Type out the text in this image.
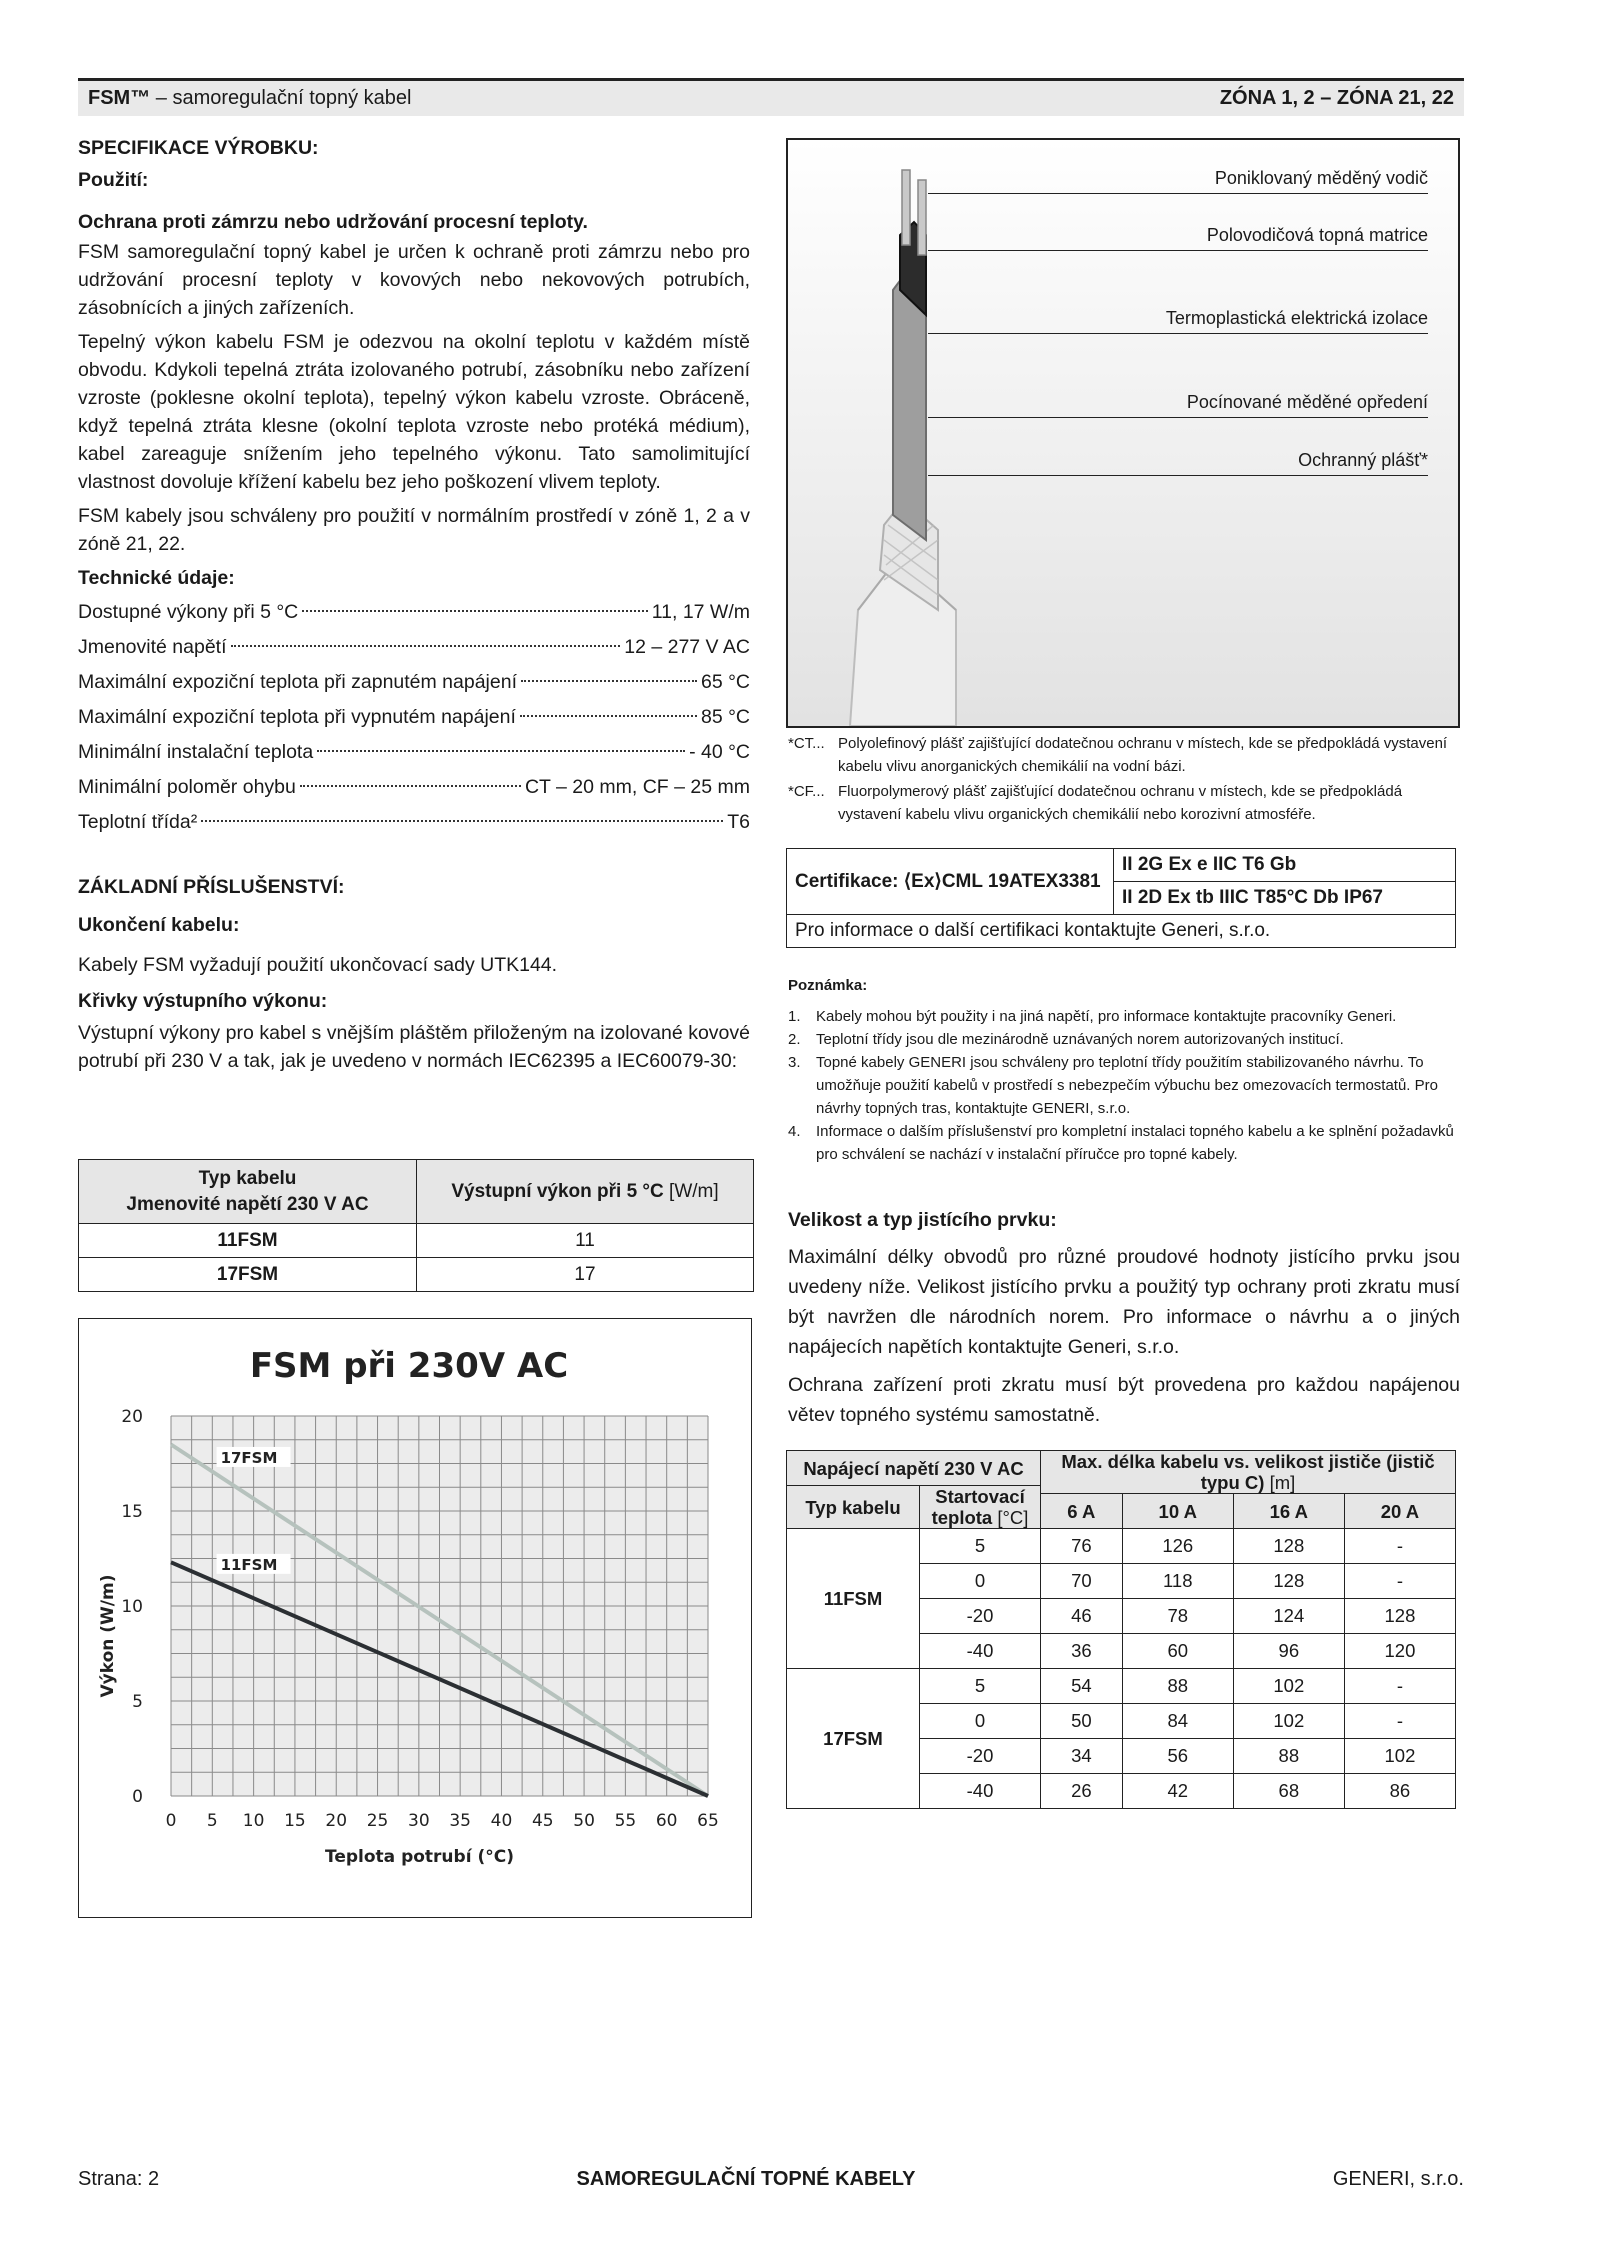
FSM™ – samoregulační topný kabel	ZÓNA 1, 2 – ZÓNA 21, 22
SPECIFIKACE VÝROBKU:
Použití:
Ochrana proti zámrzu nebo udržování procesní teploty.

FSM samoregulační topný kabel je určen k ochraně proti zámrzu nebo pro udržování procesní teploty v kovových nebo nekovových potrubích, zásobnících a jiných zařízeních.

Tepelný výkon kabelu FSM je odezvou na okolní teplotu v každém místě obvodu. Kdykoli tepelná ztráta izolovaného potrubí, zásobníku nebo zařízení vzroste (poklesne okolní teplota), tepelný výkon kabelu vzroste. Obráceně, když tepelná ztráta klesne (okolní teplota vzroste nebo protéká médium), kabel zareaguje snížením jeho tepelného výkonu. Tato samolimitující vlastnost dovoluje křížení kabelu bez jeho poškození vlivem teploty.

FSM kabely jsou schváleny pro použití v normálním prostředí v zóně 1, 2 a v zóně 21, 22.

Technické údaje:
Dostupné výkony při 5 °C	11, 17 W/m
Jmenovité napětí	12 – 277 V AC
Maximální expoziční teplota při zapnutém napájení	65 °C
Maximální expoziční teplota při vypnutém napájení	85 °C
Minimální instalační teplota	- 40 °C
Minimální poloměr ohybu	CT – 20 mm, CF – 25 mm
Teplotní třída²	T6
ZÁKLADNÍ PŘÍSLUŠENSTVÍ:
Ukončení kabelu:

Kabely FSM vyžadují použití ukončovací sady UTK144.

Křivky výstupního výkonu:

Výstupní výkony pro kabel s vnějším pláštěm přiloženým na izolované kovové potrubí při 230 V a tak, jak je uvedeno v normách IEC62395 a IEC60079-30:

Typ kabelu
Jmenovité napětí 230 V AC	Výstupní výkon při 5 °C [W/m]
11FSM	11
17FSM	17
0 5 10 15 20 25 30 35 40 45 50 55 60 65
0
5
10
15
20
17FSM
11FSM
FSM při 230V AC
Teplota potrubí (°C)
Výkon (W/m)
Poniklovaný měděný vodič
Polovodičová topná matrice
Termoplastická elektrická izolace
Pocínované měděné opředení
Ochranný plášť*
*CT... Polyolefinový plášť zajišťující dodatečnou ochranu v místech, kde se předpokládá vystavení kabelu vlivu anorganických chemikálií na vodní bázi.
*CF... Fluorpolymerový plášť zajišťující dodatečnou ochranu v místech, kde se předpokládá vystavení kabelu vlivu organických chemikálií nebo korozivní atmosféře.
Certifikace: ⟨Ex⟩CML 19ATEX3381	II 2G Ex e IIC T6 Gb
II 2D Ex tb IIIC T85°C Db IP67
Pro informace o další certifikaci kontaktujte Generi, s.r.o.
Poznámka:
1.	Kabely mohou být použity i na jiná napětí, pro informace kontaktujte pracovníky Generi.
2.	Teplotní třídy jsou dle mezinárodně uznávaných norem autorizovaných institucí.
3.	Topné kabely GENERI jsou schváleny pro teplotní třídy použitím stabilizovaného návrhu. To umožňuje použití kabelů v prostředí s nebezpečím výbuchu bez omezovacích termostatů. Pro návrhy topných tras, kontaktujte GENERI, s.r.o.
4.	Informace o dalším příslušenství pro kompletní instalaci topného kabelu a ke splnění požadavků pro schválení se nachází v instalační příručce pro topné kabely.
Velikost a typ jistícího prvku:

Maximální délky obvodů pro různé proudové hodnoty jistícího prvku jsou uvedeny níže. Velikost jistícího prvku a použitý typ ochrany proti zkratu musí být navržen dle národních norem. Pro informace o návrhu a o jiných napájecích napětích kontaktujte Generi, s.r.o.

Ochrana zařízení proti zkratu musí být provedena pro každou napájenou větev topného systému samostatně.

Napájecí napětí 230 V AC		Max. délka kabelu vs. velikost jističe (jistič typu C) [m]			
Typ kabelu	Startovací teplota [°C]				
		6 A	10 A	16 A	20 A
11FSM	5	76	126	128	-
	0	70	118	128	-
	-20	46	78	124	128
	-40	36	60	96	120
17FSM	5	54	88	102	-
	0	50	84	102	-
	-20	34	56	88	102
	-40	26	42	68	86
Strana: 2	SAMOREGULAČNÍ TOPNÉ KABELY	GENERI, s.r.o.
